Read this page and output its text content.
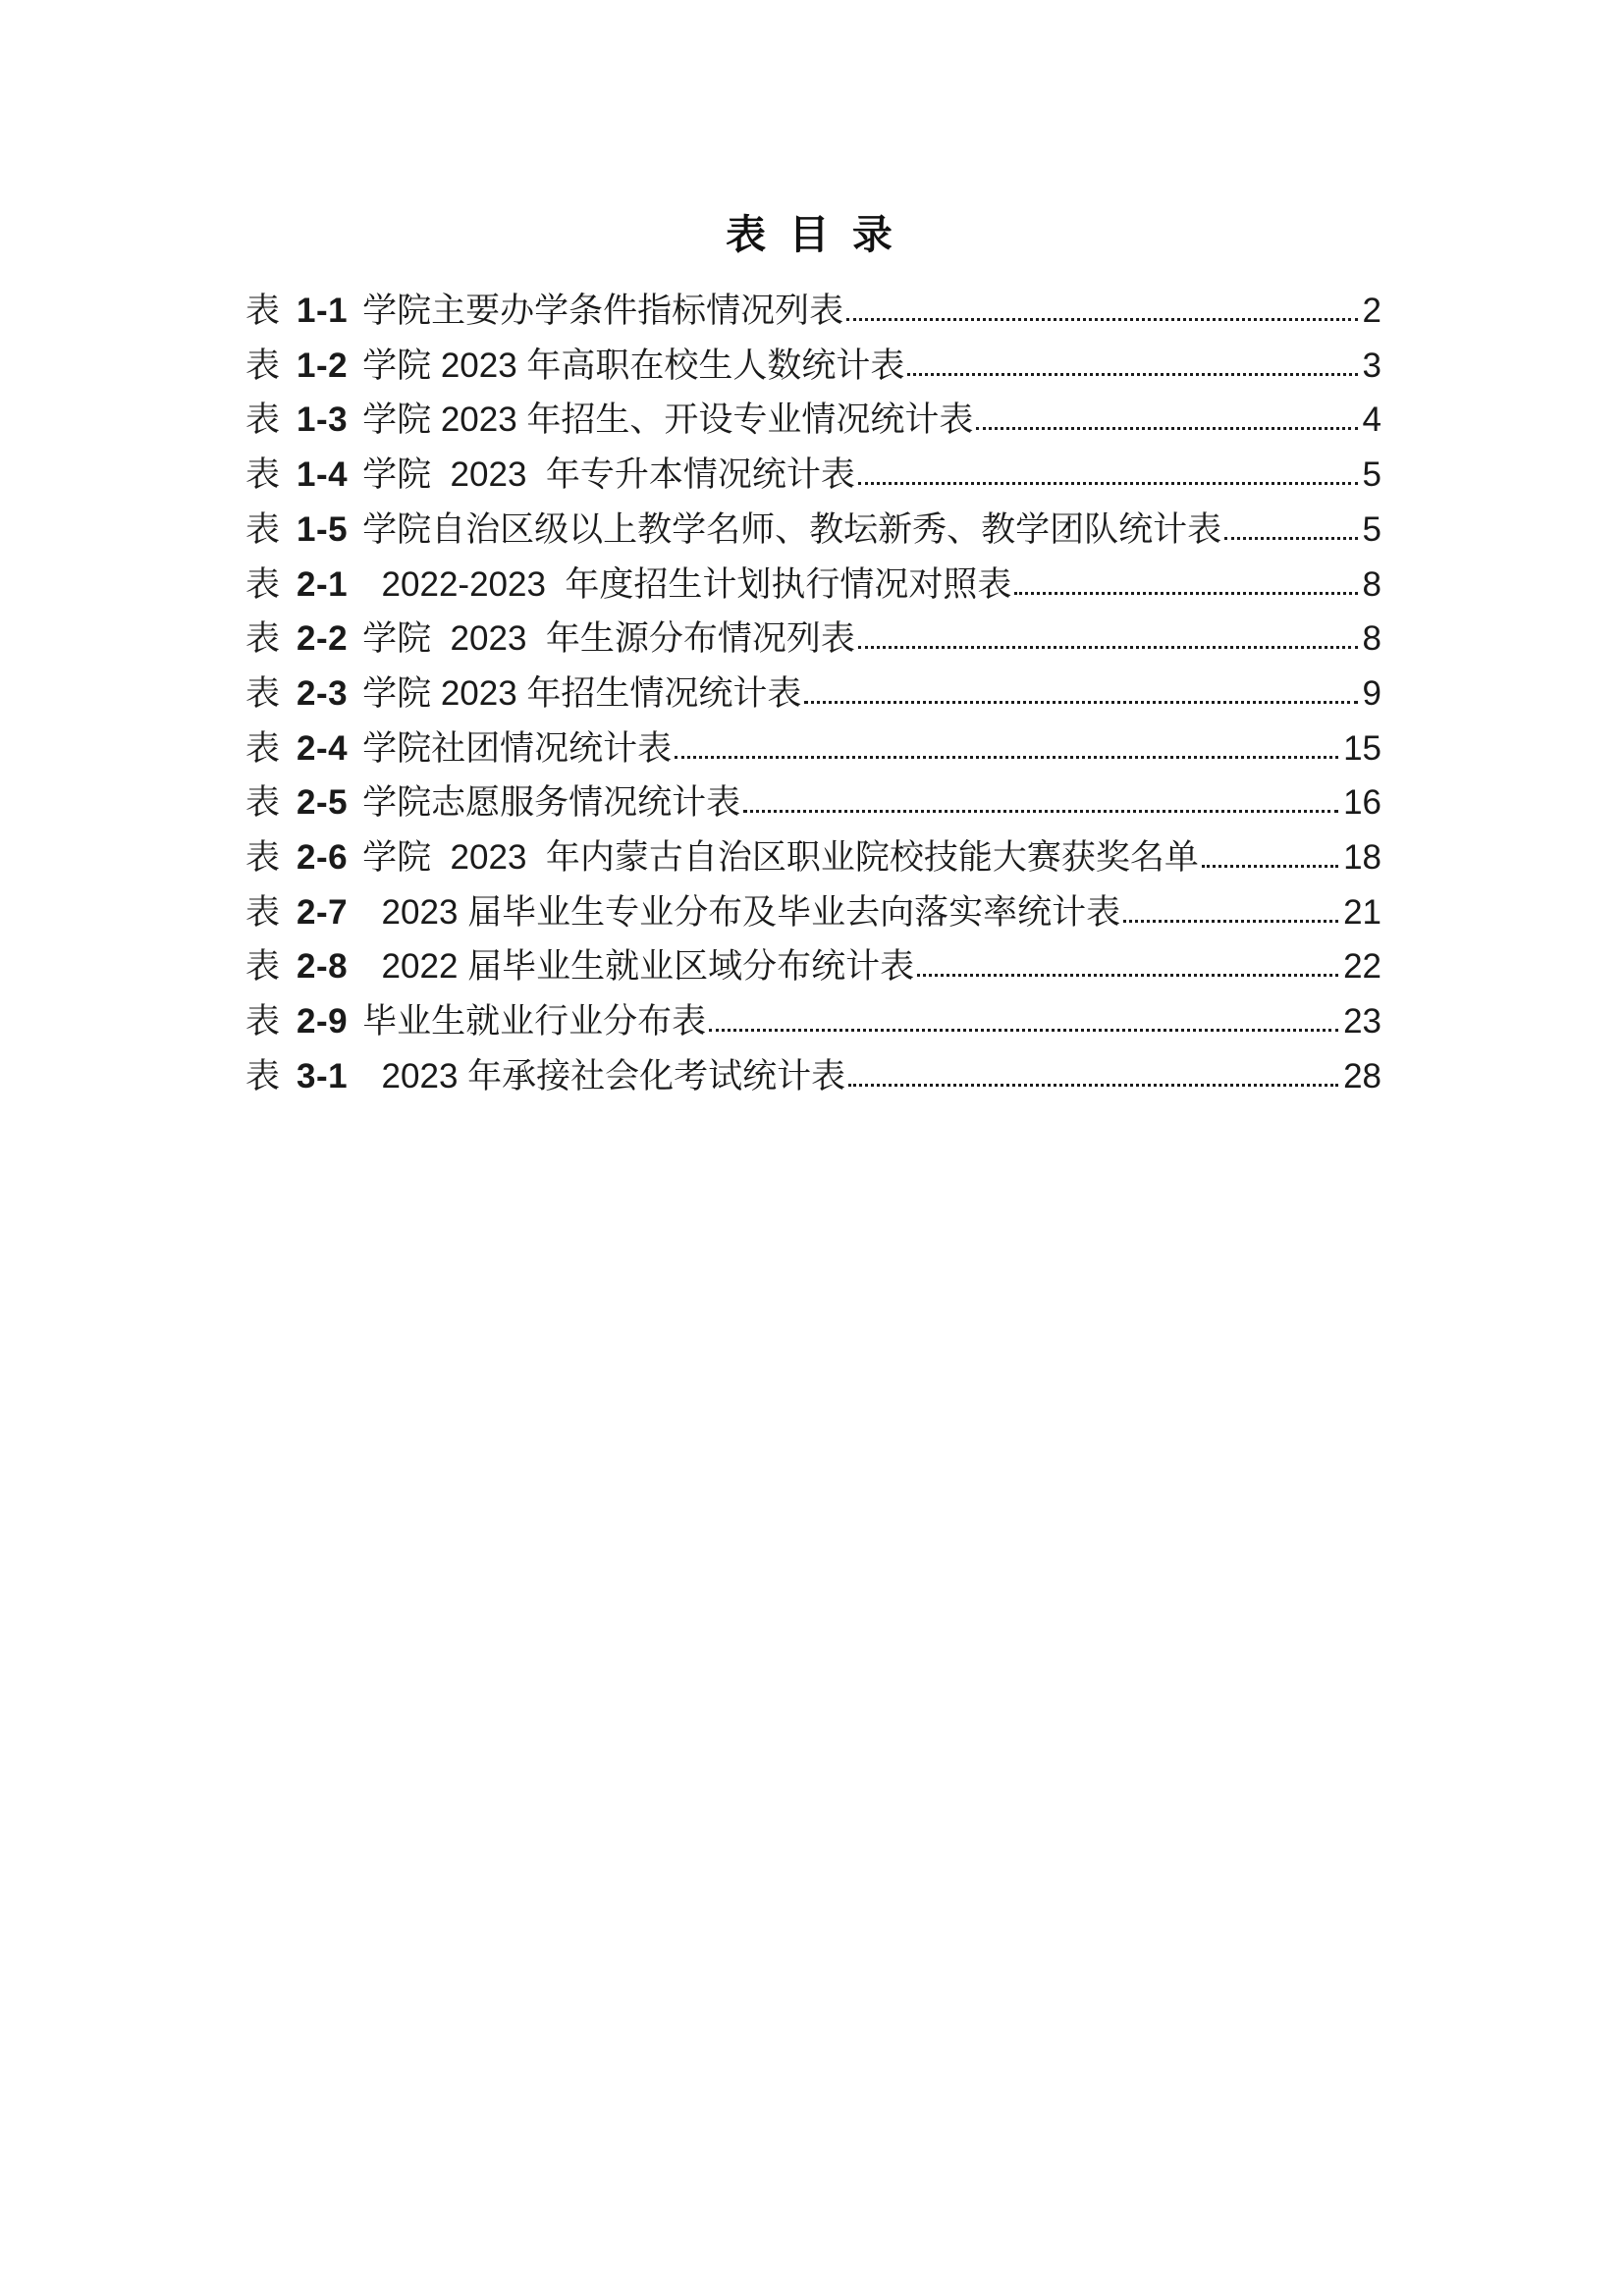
表 目 录
表 1-1 学院主要办学条件指标情况列表	2
表 1-2 学院 2023 年高职在校生人数统计表	3
表 1-3 学院 2023 年招生、开设专业情况统计表	4
表 1-4 学院  2023  年专升本情况统计表	5
表 1-5 学院自治区级以上教学名师、教坛新秀、教学团队统计表	5
表 2-1 2022-2023  年度招生计划执行情况对照表	8
表 2-2 学院  2023  年生源分布情况列表	8
表 2-3 学院 2023 年招生情况统计表	9
表 2-4 学院社团情况统计表	15
表 2-5 学院志愿服务情况统计表	16
表 2-6 学院  2023  年内蒙古自治区职业院校技能大赛获奖名单	18
表 2-7 2023 届毕业生专业分布及毕业去向落实率统计表	21
表 2-8 2022 届毕业生就业区域分布统计表	22
表 2-9 毕业生就业行业分布表	23
表 3-1 2023 年承接社会化考试统计表	28
